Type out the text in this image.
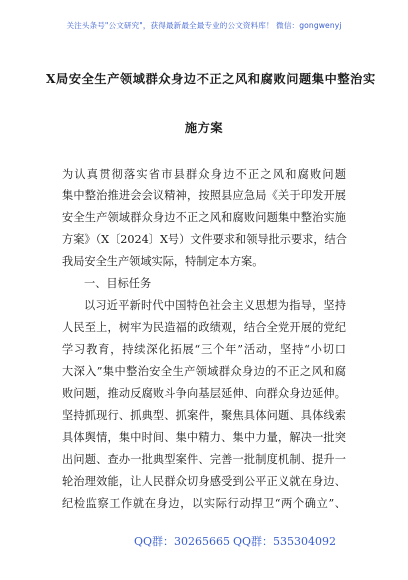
关注头条号"公文研究"，获得最新最全最专业的公文资料库！ 微信：gongwenyj
X局安全生产领域群众身边不正之风和腐败问题集中整治实
施方案
为认真贯彻落实省市县群众身边不正之风和腐败问题
集中整治推进会会议精神，按照县应急局《关于印发开展
安全生产领域群众身边不正之风和腐败问题集中整治实施
方案》（X〔2024〕X号）文件要求和领导批示要求，结合
我局安全生产领域实际，特制定本方案。
一、目标任务
以习近平新时代中国特色社会主义思想为指导，坚持
人民至上，树牢为民造福的政绩观，结合全党开展的党纪
学习教育，持续深化拓展“三个年”活动，坚持“小切口
大深入”集中整治安全生产领域群众身边的不正之风和腐
败问题，推动反腐败斗争向基层延伸、向群众身边延伸。
坚持抓现行、抓典型、抓案件，聚焦具体问题、具体线索
具体舆情，集中时间、集中精力、集中力量，解决一批突
出问题、查办一批典型案件、完善一批制度机制、提升一
轮治理效能，让人民群众切身感受到公平正义就在身边、
纪检监察工作就在身边，以实际行动捍卫“两个确立”、
QQ群：30265665 QQ群：535304092
